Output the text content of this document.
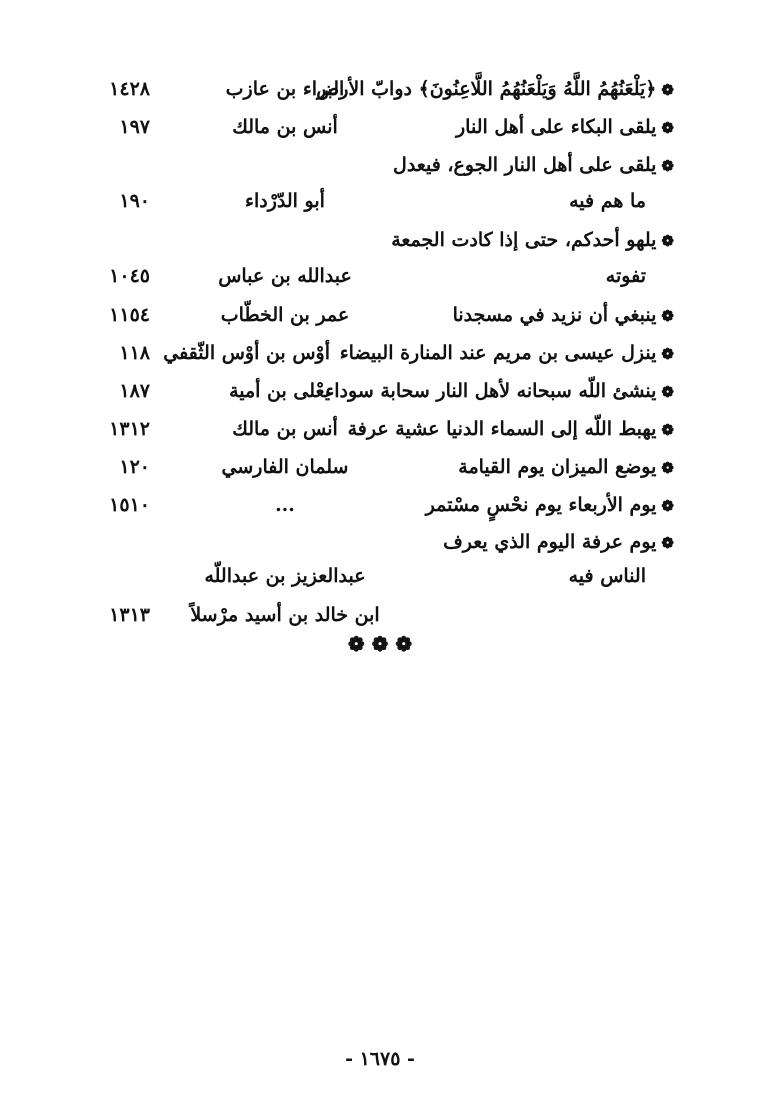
❁﴿يَلْعَنُهُمُ اللَّهُ وَيَلْعَنُهُمُ اللَّاعِنُونَ﴾ دوابّ الأرض
البراء بن عازب
١٤٢٨
❁يلقى البكاء على أهل النار
أنس بن مالك
١٩٧
❁يلقى على أهل النار الجوع، فيعدل
ما هم فيه
أبو الدّرْداء
١٩٠
❁يلهو أحدكم، حتى إذا كادت الجمعة
تفوته
عبدالله بن عباس
١٠٤٥
❁ينبغي أن نزيد في مسجدنا
عمر بن الخطّاب
١١٥٤
❁ينزل عيسى بن مريم عند المنارة البيضاء
أوْس بن أوْس الثّقفي
١١٨
❁ينشئ اللّه سبحانه لأهل النار سحابة سوداء
يعْلى بن أمية
١٨٧
❁يهبط اللّه إلى السماء الدنيا عشية عرفة
أنس بن مالك
١٣١٢
❁يوضع الميزان يوم القيامة
سلمان الفارسي
١٢٠
❁يوم الأربعاء يوم نحْسٍ مسْتمر
...
١٥١٠
❁يوم عرفة اليوم الذي يعرف
الناس فيه
عبدالعزيز بن عبداللّه
ابن خالد بن أسيد مرْسلاً
١٣١٣
❁ ❁ ❁
- ١٦٧٥ -
